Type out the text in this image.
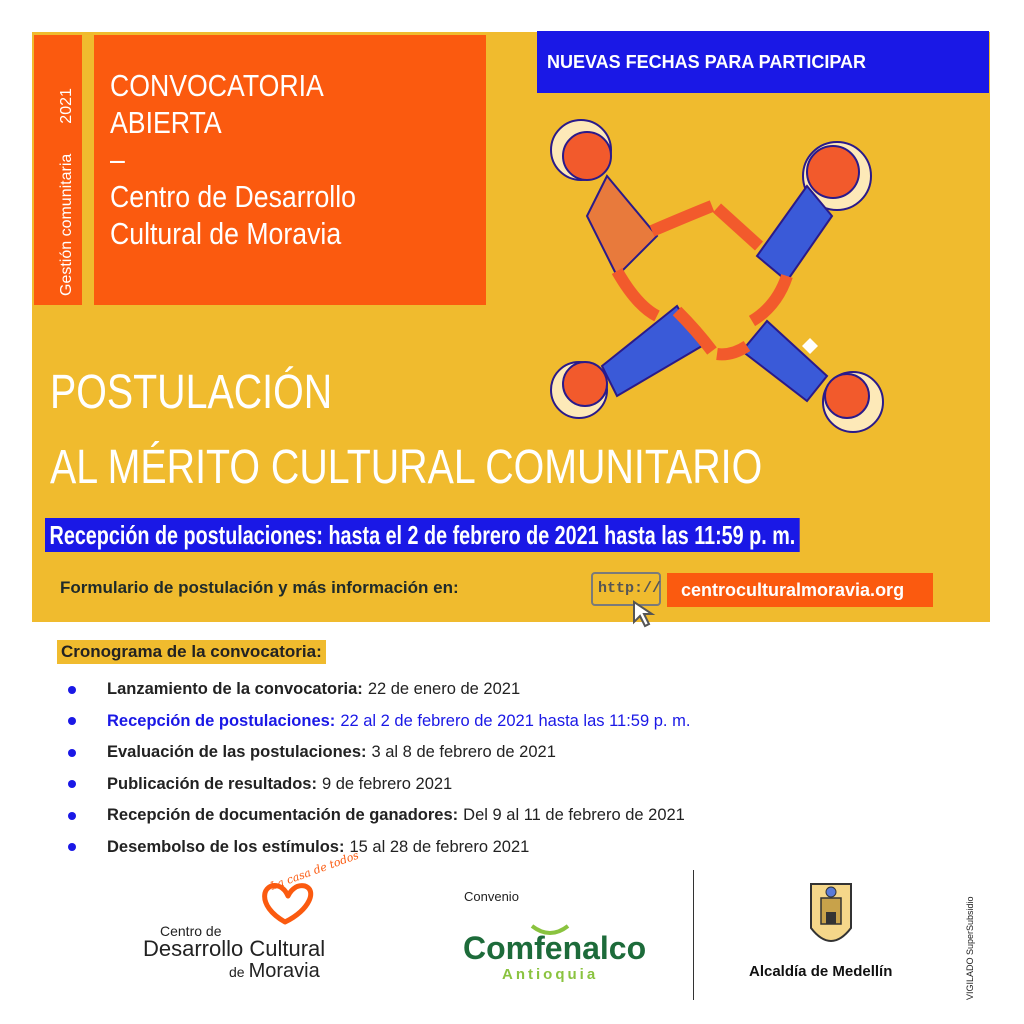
Gestión comunitaria2021
CONVOCATORIA
ABIERTA
–
Centro de Desarrollo
Cultural de Moravia
NUEVAS FECHAS PARA PARTICIPAR
POSTULACIÓN
AL MÉRITO CULTURAL COMUNITARIO
Recepción de postulaciones: hasta el 2 de febrero de 2021 hasta las 11:59 p. m.
Formulario de postulación y más información en:	http://	centroculturalmoravia.org
Cronograma de la convocatoria:
Lanzamiento de la convocatoria: 22 de enero de 2021
Recepción de postulaciones: 22 al 2 de febrero de 2021 hasta las 11:59 p. m.
Evaluación de las postulaciones: 3 al 8 de febrero de 2021
Publicación de resultados: 9 de febrero 2021
Recepción de documentación de ganadores: Del 9 al 11 de febrero de 2021
Desembolso de los estímulos: 15 al 28 de febrero 2021
La casa de todos
Centro de
Desarrollo Cultural
de Moravia
Convenio
Comfenalco
Antioquia	Alcaldía de Medellín	VIGILADO SuperSubsidio
